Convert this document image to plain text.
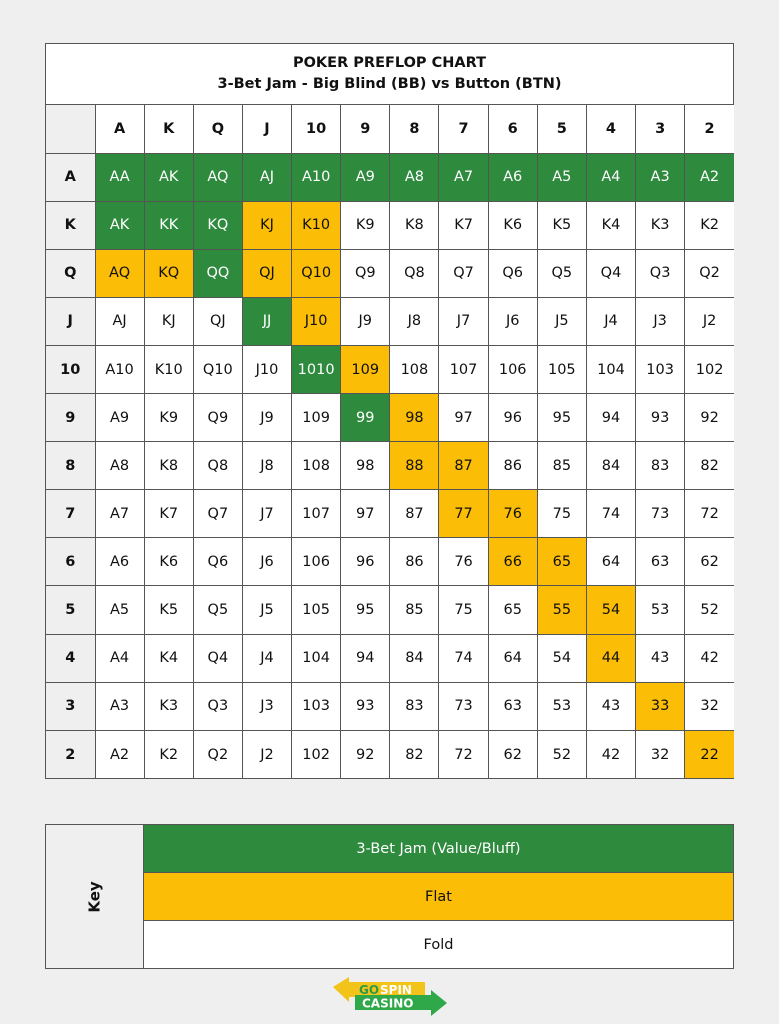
POKER PREFLOP CHART
3-Bet Jam - Big Blind (BB) vs Button (BTN)
	A	K	Q	J	10	9	8	7	6	5	4	3	2
A	AA	AK	AQ	AJ	A10	A9	A8	A7	A6	A5	A4	A3	A2
K	AK	KK	KQ	KJ	K10	K9	K8	K7	K6	K5	K4	K3	K2
Q	AQ	KQ	QQ	QJ	Q10	Q9	Q8	Q7	Q6	Q5	Q4	Q3	Q2
J	AJ	KJ	QJ	JJ	J10	J9	J8	J7	J6	J5	J4	J3	J2
10	A10	K10	Q10	J10	1010	109	108	107	106	105	104	103	102
9	A9	K9	Q9	J9	109	99	98	97	96	95	94	93	92
8	A8	K8	Q8	J8	108	98	88	87	86	85	84	83	82
7	A7	K7	Q7	J7	107	97	87	77	76	75	74	73	72
6	A6	K6	Q6	J6	106	96	86	76	66	65	64	63	62
5	A5	K5	Q5	J5	105	95	85	75	65	55	54	53	52
4	A4	K4	Q4	J4	104	94	84	74	64	54	44	43	42
3	A3	K3	Q3	J3	103	93	83	73	63	53	43	33	32
2	A2	K2	Q2	J2	102	92	82	72	62	52	42	32	22
Key
3-Bet Jam (Value/Bluff)
Flat
Fold
GO SPIN
CASINO
